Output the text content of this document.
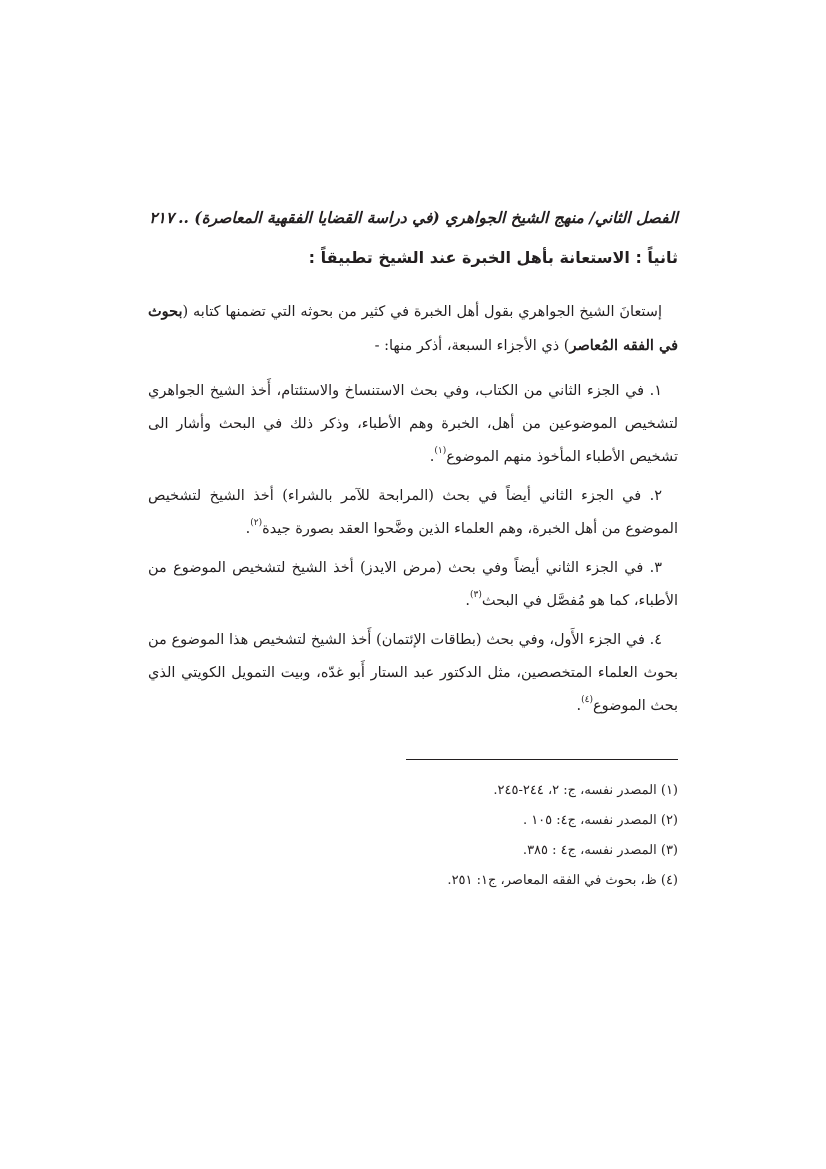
الفصل الثاني/ منهج الشيخ الجواهري (في دراسة القضايا الفقهية المعاصرة) ..٢١٧
ثانياً : الاستعانة بأهل الخبرة عند الشيخ تطبيقاً :

إستعانَ الشيخ الجواهري بقول أهل الخبرة في كثير من بحوثه التي تضمنها كتابه (بحوث في الفقه المُعاصر) ذي الأجزاء السبعة، أذكر منها: -

١. في الجزء الثاني من الكتاب، وفي بحث الاستنساخ والاستئتام، أَخذ الشيخ الجواهري لتشخيص الموضوعين من أهل، الخبرة وهم الأطباء، وذكر ذلك في البحث وأشار الى تشخيص الأطباء المأخوذ منهم الموضوع$^{(١)}$.

٢. في الجزء الثاني أيضاً في بحث (المرابحة للآمر بالشراء) أخذ الشيخ لتشخيص الموضوع من أهل الخبرة، وهم العلماء الذين وضَّحوا العقد بصورة جيدة$^{(٢)}$.

٣. في الجزء الثاني أيضاً وفي بحث (مرض الايدز) أخذ الشيخ لتشخيص الموضوع من الأطباء، كما هو مُفصَّل في البحث$^{(٣)}$.

٤. في الجزء الأَول، وفي بحث (بطاقات الإئتمان) أَخذ الشيخ لتشخيص هذا الموضوع من بحوث العلماء المتخصصين، مثل الدكتور عبد الستار أَبو غدّه، وبيت التمويل الكويتي الذي بحث الموضوع$^{(٤)}$.

(١) المصدر نفسه، ج: ٢، ٢٤٤-٢٤٥.

(٢) المصدر نفسه، ج٤: ١٠٥ .

(٣) المصدر نفسه، ج٤ : ٣٨٥.

(٤) ظ، بحوث في الفقه المعاصر، ج١: ٢٥١.
